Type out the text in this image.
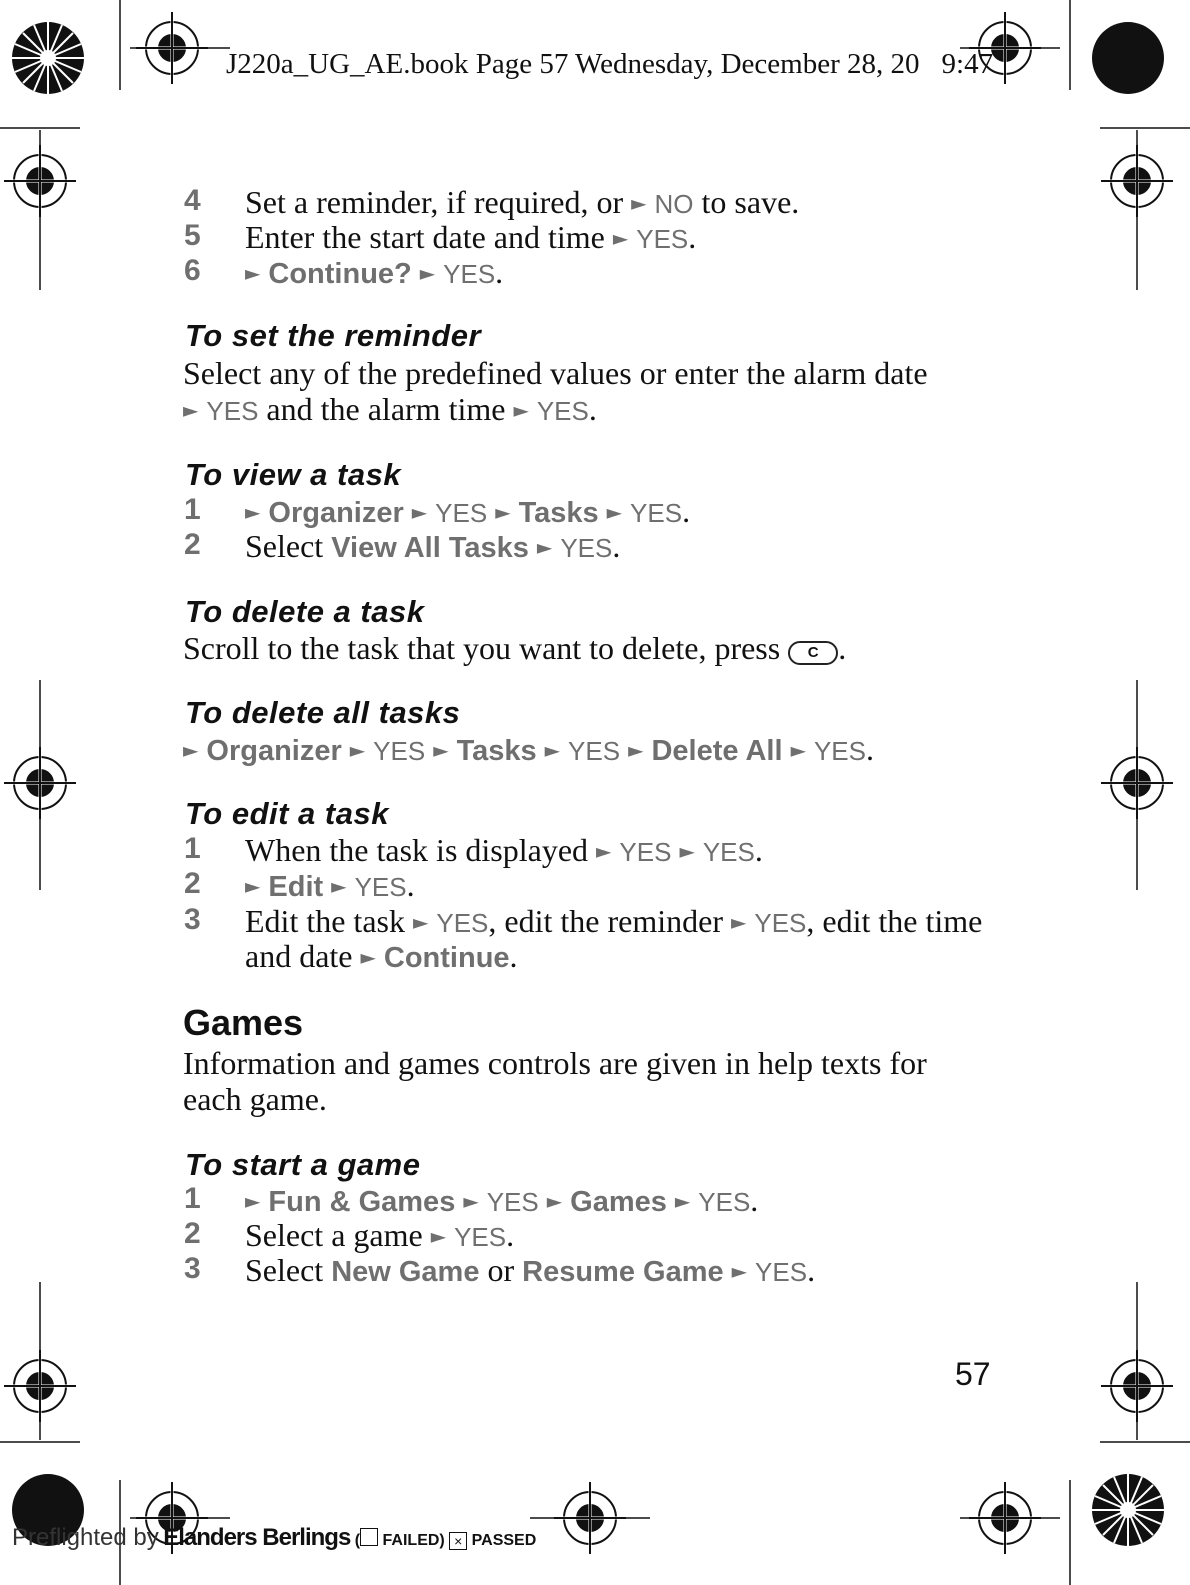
J220a_UG_AE.book Page 57 Wednesday, December 28, 20 9:47
4 Set a reminder, if required, or ► NO to save.
5 Enter the start date and time ► YES.
6 ► Continue? ► YES.
To set the reminder
Select any of the predefined values or enter the alarm date
► YES and the alarm time ► YES.
To view a task
1 ► Organizer ► YES ► Tasks ► YES.
2 Select View All Tasks ► YES.
To delete a task
Scroll to the task that you want to delete, press C .
To delete all tasks
► Organizer ► YES ► Tasks ► YES ► Delete All ► YES.
To edit a task
1 When the task is displayed ► YES ► YES.
2 ► Edit ► YES.
3 Edit the task ► YES, edit the reminder ► YES, edit the time
and date ► Continue.
Games
Information and games controls are given in help texts for
each game.
To start a game
1 ► Fun & Games ► YES ► Games ► YES.
2 Select a game ► YES.
3 Select New Game or Resume Game ► YES.
57
Preflighted by Elanders Berlings ( FAILED) × PASSED
